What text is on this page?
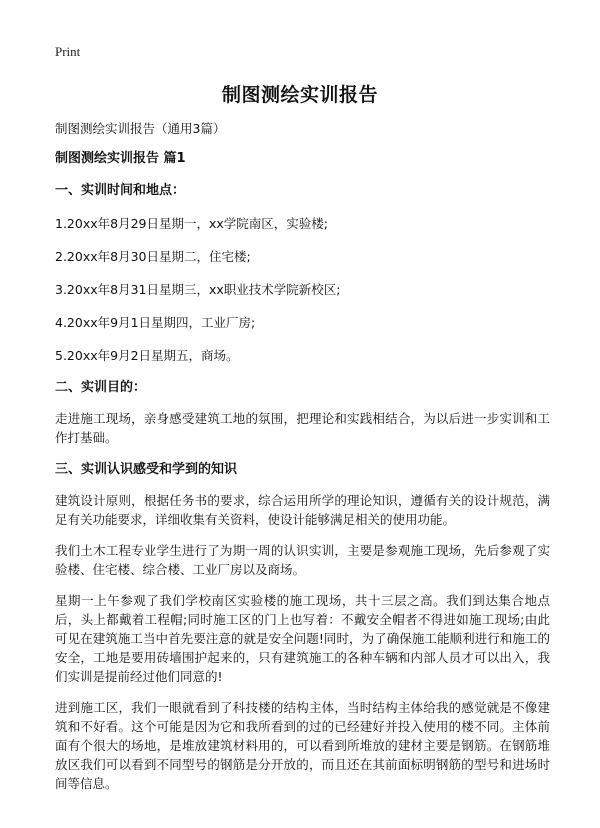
Print
制图测绘实训报告

制图测绘实训报告（通用3篇）

制图测绘实训报告 篇1

一、实训时间和地点：

1.20xx年8月29日星期一，xx学院南区，实验楼;

2.20xx年8月30日星期二，住宅楼;

3.20xx年8月31日星期三，xx职业技术学院新校区;

4.20xx年9月1日星期四，工业厂房;

5.20xx年9月2日星期五，商场。

二、实训目的：

走进施工现场，亲身感受建筑工地的氛围，把理论和实践相结合，为以后进一步实训和工作打基础。

三、实训认识感受和学到的知识

建筑设计原则，根据任务书的要求，综合运用所学的理论知识，遵循有关的设计规范，满足有关功能要求，详细收集有关资料，使设计能够满足相关的使用功能。

我们土木工程专业学生进行了为期一周的认识实训，主要是参观施工现场，先后参观了实验楼、住宅楼、综合楼、工业厂房以及商场。

星期一上午参观了我们学校南区实验楼的施工现场，共十三层之高。我们到达集合地点后，头上都戴着工程帽;同时施工区的门上也写着：不戴安全帽者不得进如施工现场;由此可见在建筑施工当中首先要注意的就是安全问题!同时，为了确保施工能顺利进行和施工的安全，工地是要用砖墙围护起来的，只有建筑施工的各种车辆和内部人员才可以出入，我们实训是提前经过他们同意的!

进到施工区，我们一眼就看到了科技楼的结构主体，当时结构主体给我的感觉就是不像建筑和不好看。这个可能是因为它和我所看到的过的已经建好并投入使用的楼不同。主体前面有个很大的场地，是堆放建筑材料用的，可以看到所堆放的建材主要是钢筋。在钢筋堆放区我们可以看到不同型号的钢筋是分开放的，而且还在其前面标明钢筋的型号和进场时间等信息。
